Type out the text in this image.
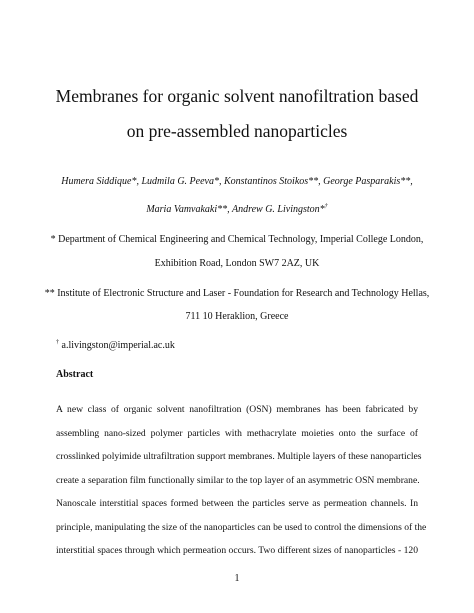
Membranes for organic solvent nanofiltration based
on pre-assembled nanoparticles
Humera Siddique*, Ludmila G. Peeva*, Konstantinos Stoikos**, George Pasparakis**,
Maria Vamvakaki**, Andrew G. Livingston*†
* Department of Chemical Engineering and Chemical Technology, Imperial College London,
Exhibition Road, London SW7 2AZ, UK
** Institute of Electronic Structure and Laser - Foundation for Research and Technology Hellas,
711 10 Heraklion, Greece
† a.livingston@imperial.ac.uk
Abstract
A new class of organic solvent nanofiltration (OSN) membranes has been fabricated by
assembling nano-sized polymer particles with methacrylate moieties onto the surface of
crosslinked polyimide ultrafiltration support membranes. Multiple layers of these nanoparticles
create a separation film functionally similar to the top layer of an asymmetric OSN membrane.
Nanoscale interstitial spaces formed between the particles serve as permeation channels. In
principle, manipulating the size of the nanoparticles can be used to control the dimensions of the
interstitial spaces through which permeation occurs. Two different sizes of nanoparticles - 120
1
